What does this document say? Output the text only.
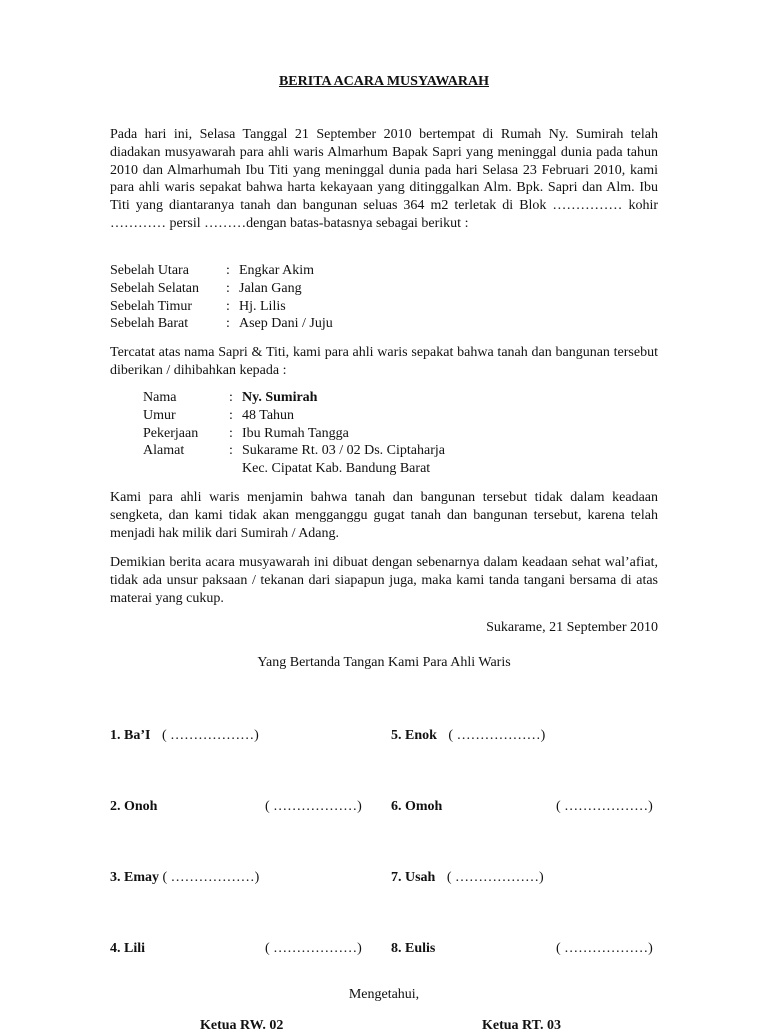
BERITA ACARA MUSYAWARAH

Pada hari ini, Selasa Tanggal 21 September 2010 bertempat di Rumah Ny. Sumirah telah diadakan musyawarah para ahli waris Almarhum Bapak Sapri yang meninggal dunia pada tahun 2010 dan Almarhumah Ibu Titi yang meninggal dunia pada hari Selasa 23 Februari 2010, kami para ahli waris sepakat bahwa harta kekayaan yang ditinggalkan Alm. Bpk. Sapri dan Alm. Ibu Titi yang diantaranya tanah dan bangunan seluas 364 m2 terletak di Blok …………… kohir ………… persil ………dengan batas-batasnya sebagai berikut :

Sebelah Utara	: Engkar Akim
Sebelah Selatan	: Jalan Gang
Sebelah Timur	: Hj. Lilis
Sebelah Barat	: Asep Dani / Juju

Tercatat atas nama Sapri & Titi, kami para ahli waris sepakat bahwa tanah dan bangunan tersebut diberikan / dihibahkan kepada :

Nama	: Ny. Sumirah
Umur	: 48 Tahun
Pekerjaan	: Ibu Rumah Tangga
Alamat	: Sukarame Rt. 03 / 02 Ds. Ciptaharja
Kec. Cipatat Kab. Bandung Barat

Kami para ahli waris menjamin bahwa tanah dan bangunan tersebut tidak dalam keadaan sengketa, dan kami tidak akan mengganggu gugat tanah dan bangunan tersebut, karena telah menjadi hak milik dari Sumirah / Adang.

Demikian berita acara musyawarah ini dibuat dengan sebenarnya dalam keadaan sehat wal’afiat, tidak ada unsur paksaan / tekanan dari siapapun juga, maka kami tanda tangani bersama di atas materai yang cukup.

Sukarame, 21 September 2010
Yang Bertanda Tangan Kami Para Ahli Waris
1. Ba’I ( ………………)	5. Enok ( ………………)
2. Onoh	( ………………) 6. Omoh	( ………………)
3. Emay ( ………………)	7. Usah ( ………………)
4. Lili	( ………………) 8. Eulis	( ………………)
Mengetahui,
Ketua RW. 02	Ketua RT. 03
